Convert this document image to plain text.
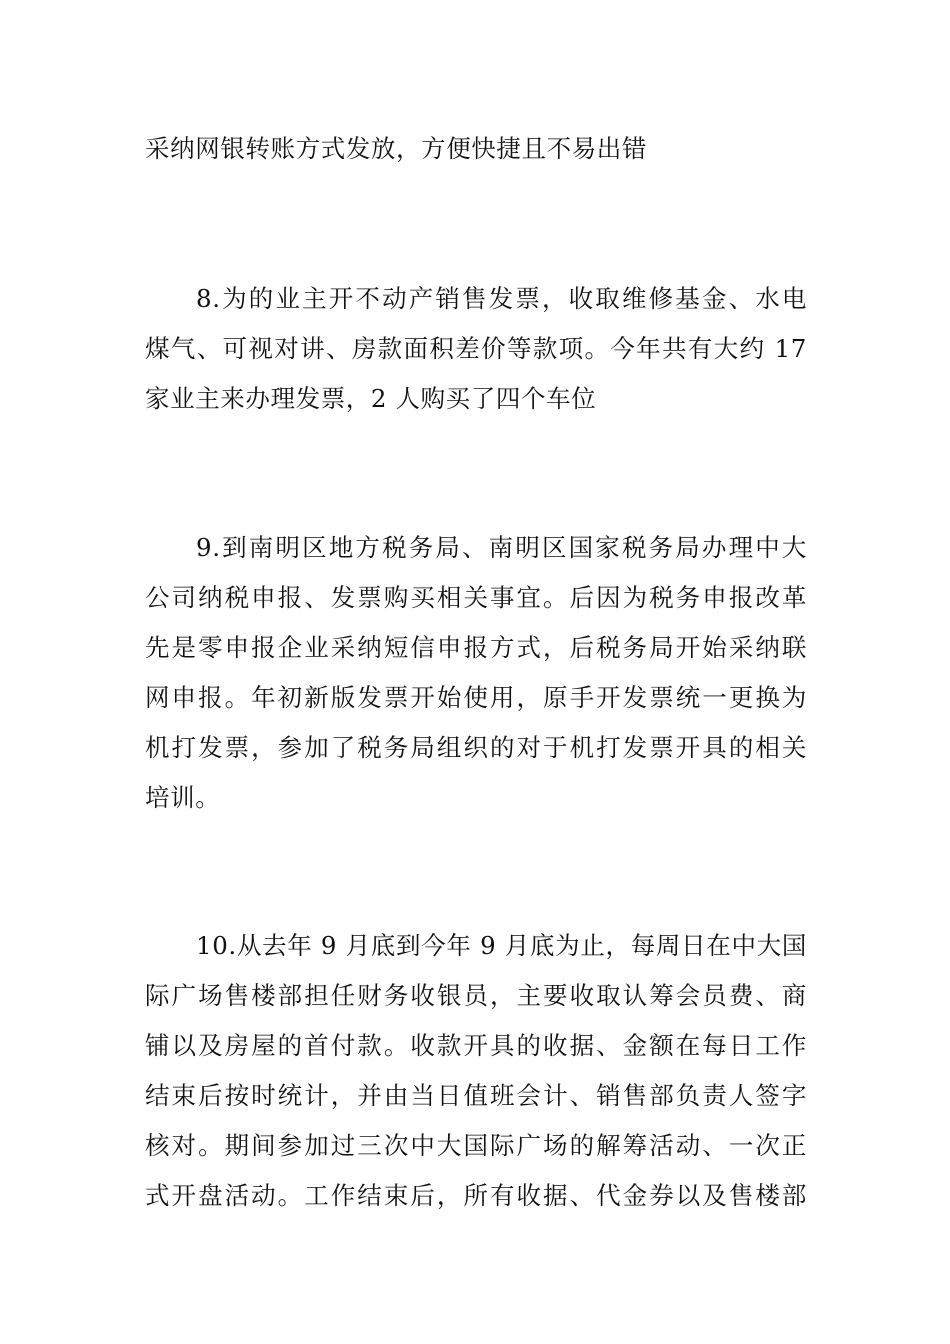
采纳网银转账方式发放，方便快捷且不易出错
8.为的业主开不动产销售发票，收取维修基金、水电
煤气、可视对讲、房款面积差价等款项。今年共有大约 17
家业主来办理发票，2 人购买了四个车位
9.到南明区地方税务局、南明区国家税务局办理中大
公司纳税申报、发票购买相关事宜。后因为税务申报改革
先是零申报企业采纳短信申报方式，后税务局开始采纳联
网申报。年初新版发票开始使用，原手开发票统一更换为
机打发票，参加了税务局组织的对于机打发票开具的相关
培训。
10.从去年 9 月底到今年 9 月底为止，每周日在中大国
际广场售楼部担任财务收银员，主要收取认筹会员费、商
铺以及房屋的首付款。收款开具的收据、金额在每日工作
结束后按时统计，并由当日值班会计、销售部负责人签字
核对。期间参加过三次中大国际广场的解筹活动、一次正
式开盘活动。工作结束后，所有收据、代金券以及售楼部
